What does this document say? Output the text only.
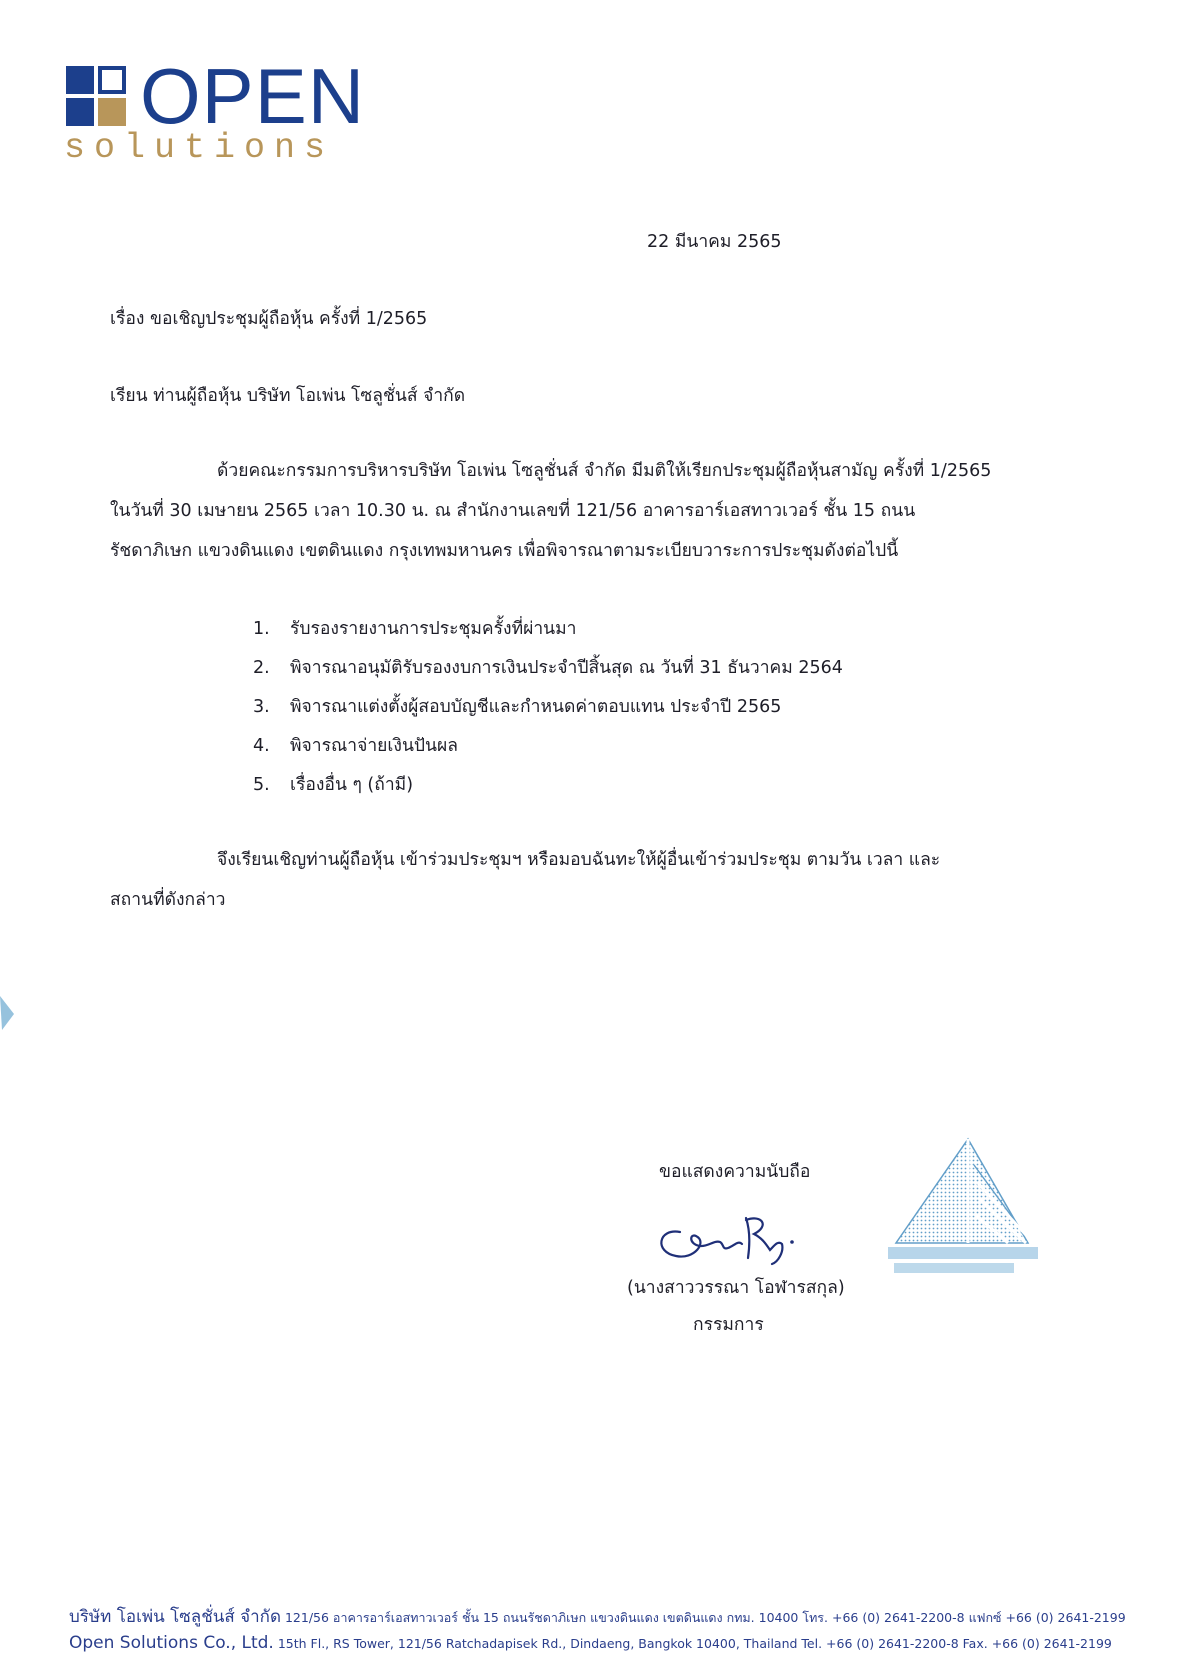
OPEN
solutions
22 มีนาคม 2565
เรื่อง ขอเชิญประชุมผู้ถือหุ้น ครั้งที่ 1/2565
เรียน ท่านผู้ถือหุ้น บริษัท โอเพ่น โซลูชั่นส์ จำกัด
ด้วยคณะกรรมการบริหารบริษัท โอเพ่น โซลูชั่นส์ จำกัด มีมติให้เรียกประชุมผู้ถือหุ้นสามัญ ครั้งที่ 1/2565
ในวันที่ 30 เมษายน 2565 เวลา 10.30 น. ณ สำนักงานเลขที่ 121/56 อาคารอาร์เอสทาวเวอร์ ชั้น 15 ถนน
รัชดาภิเษก แขวงดินแดง เขตดินแดง กรุงเทพมหานคร เพื่อพิจารณาตามระเบียบวาระการประชุมดังต่อไปนี้
1. รับรองรายงานการประชุมครั้งที่ผ่านมา
2. พิจารณาอนุมัติรับรองงบการเงินประจำปีสิ้นสุด ณ วันที่ 31 ธันวาคม 2564
3. พิจารณาแต่งตั้งผู้สอบบัญชีและกำหนดค่าตอบแทน ประจำปี 2565
4. พิจารณาจ่ายเงินปันผล
5. เรื่องอื่น ๆ (ถ้ามี)
จึงเรียนเชิญท่านผู้ถือหุ้น เข้าร่วมประชุมฯ หรือมอบฉันทะให้ผู้อื่นเข้าร่วมประชุม ตามวัน เวลา และ
สถานที่ดังกล่าว
ขอแสดงความนับถือ
(นางสาววรรณา โอฬารสกุล)
กรรมการ
บริษัท โอเพ่น โซลูชั่นส์ จำกัด 121/56 อาคารอาร์เอสทาวเวอร์ ชั้น 15 ถนนรัชดาภิเษก แขวงดินแดง เขตดินแดง กทม. 10400 โทร. +66 (0) 2641-2200-8 แฟกซ์ +66 (0) 2641-2199
Open Solutions Co., Ltd. 15th Fl., RS Tower, 121/56 Ratchadapisek Rd., Dindaeng, Bangkok 10400, Thailand Tel. +66 (0) 2641-2200-8 Fax. +66 (0) 2641-2199
